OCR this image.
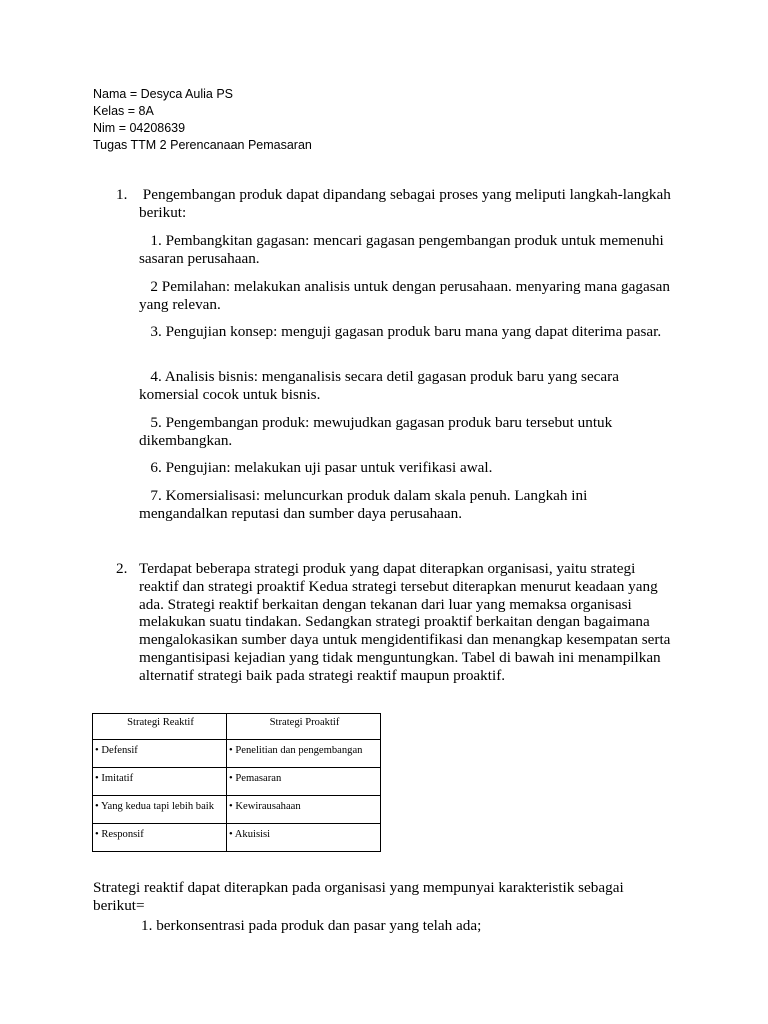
Nama = Desyca Aulia PS
Kelas = 8A
Nim = 04208639
Tugas TTM 2 Perencanaan Pemasaran
1. Pengembangan produk dapat dipandang sebagai proses yang meliputi langkah-langkah berikut:
1. Pembangkitan gagasan: mencari gagasan pengembangan produk untuk memenuhi sasaran perusahaan.
2 Pemilahan: melakukan analisis untuk dengan perusahaan. menyaring mana gagasan yang relevan.
3. Pengujian konsep: menguji gagasan produk baru mana yang dapat diterima pasar.
4. Analisis bisnis: menganalisis secara detil gagasan produk baru yang secara komersial cocok untuk bisnis.
5. Pengembangan produk: mewujudkan gagasan produk baru tersebut untuk dikembangkan.
6. Pengujian: melakukan uji pasar untuk verifikasi awal.
7. Komersialisasi: meluncurkan produk dalam skala penuh. Langkah ini mengandalkan reputasi dan sumber daya perusahaan.
2. Terdapat beberapa strategi produk yang dapat diterapkan organisasi, yaitu strategi reaktif dan strategi proaktif Kedua strategi tersebut diterapkan menurut keadaan yang ada. Strategi reaktif berkaitan dengan tekanan dari luar yang memaksa organisasi melakukan suatu tindakan. Sedangkan strategi proaktif berkaitan dengan bagaimana mengalokasikan sumber daya untuk mengidentifikasi dan menangkap kesempatan serta mengantisipasi kejadian yang tidak menguntungkan. Tabel di bawah ini menampilkan alternatif strategi baik pada strategi reaktif maupun proaktif.
Strategi Reaktif	Strategi Proaktif
• Defensif	• Penelitian dan pengembangan
• Imitatif	• Pemasaran
• Yang kedua tapi lebih baik	• Kewirausahaan
• Responsif	• Akuisisi
Strategi reaktif dapat diterapkan pada organisasi yang mempunyai karakteristik sebagai berikut=
1. berkonsentrasi pada produk dan pasar yang telah ada;
